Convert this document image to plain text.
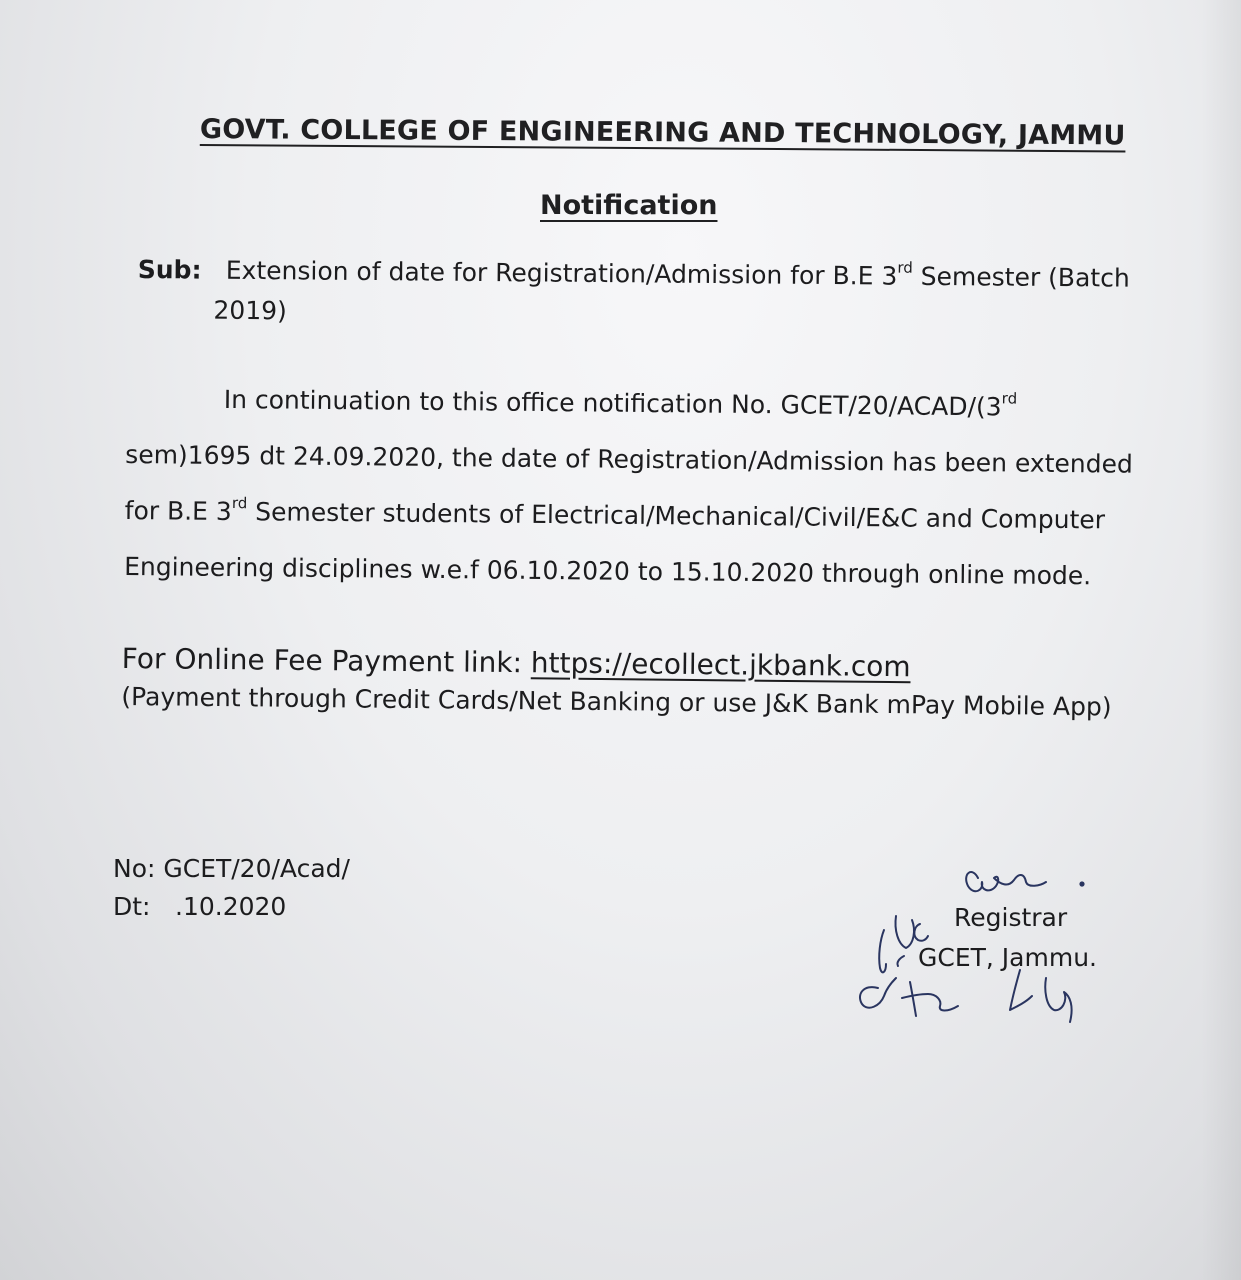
GOVT. COLLEGE OF ENGINEERING AND TECHNOLOGY, JAMMU
Notification
Sub: Extension of date for Registration/Admission for B.E 3rd Semester (Batch
2019)
In continuation to this office notification No. GCET/20/ACAD/(3rd
sem)1695 dt 24.09.2020, the date of Registration/Admission has been extended
for B.E 3rd Semester students of Electrical/Mechanical/Civil/E&C and Computer
Engineering disciplines w.e.f 06.10.2020 to 15.10.2020 through online mode.
For Online Fee Payment link: https://ecollect.jkbank.com
(Payment through Credit Cards/Net Banking or use J&K Bank mPay Mobile App)
No: GCET/20/Acad/
Dt: .10.2020	Registrar
GCET, Jammu.
